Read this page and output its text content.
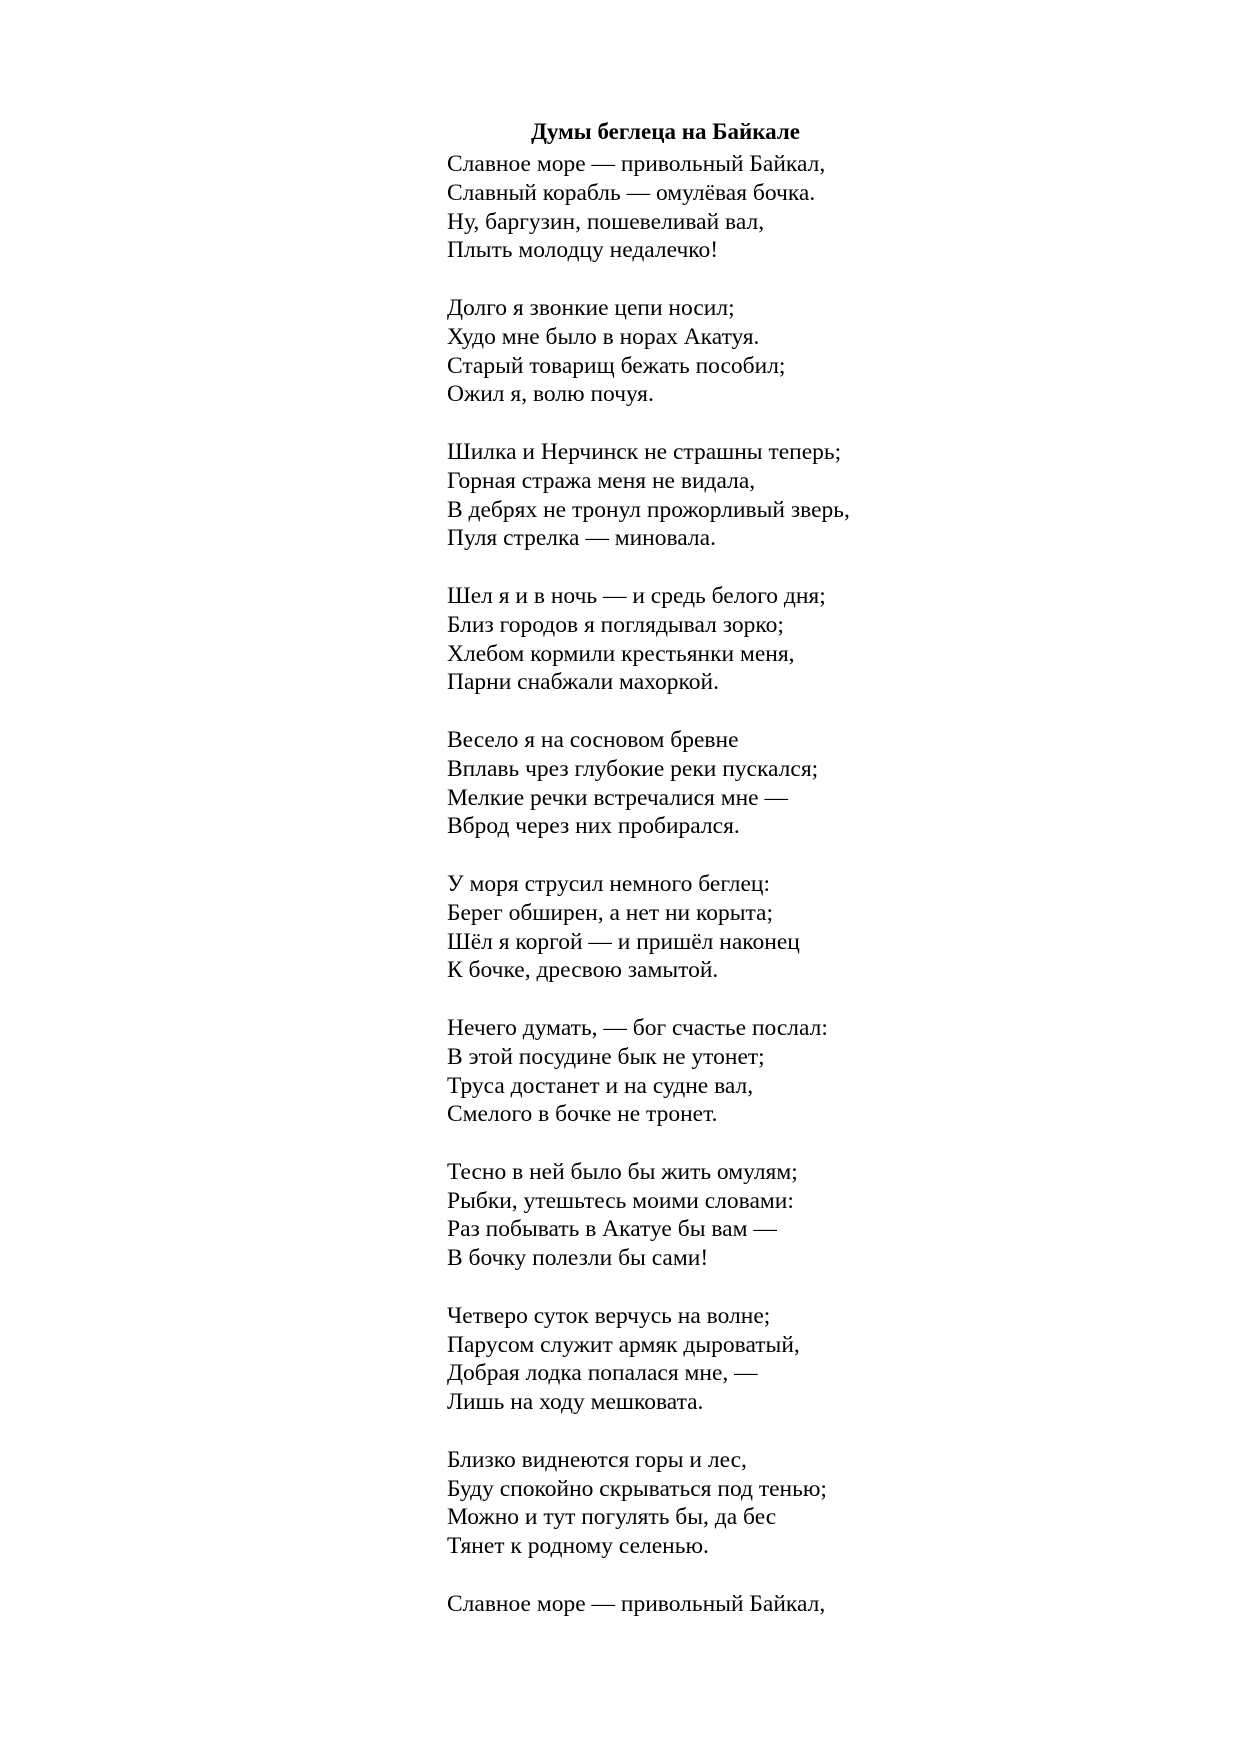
Думы беглеца на Байкале
Славное море — привольный Байкал,
Славный корабль — омулёвая бочка.
Ну, баргузин, пошевеливай вал,
Плыть молодцу недалечко!
Долго я звонкие цепи носил;
Худо мне было в норах Акатуя.
Старый товарищ бежать пособил;
Ожил я, волю почуя.
Шилка и Нерчинск не страшны теперь;
Горная стража меня не видала,
В дебрях не тронул прожорливый зверь,
Пуля стрелка — миновала.
Шел я и в ночь — и средь белого дня;
Близ городов я поглядывал зорко;
Хлебом кормили крестьянки меня,
Парни снабжали махоркой.
Весело я на сосновом бревне
Вплавь чрез глубокие реки пускался;
Мелкие речки встречалися мне —
Вброд через них пробирался.
У моря струсил немного беглец:
Берег обширен, а нет ни корыта;
Шёл я коргой — и пришёл наконец
К бочке, дресвою замытой.
Нечего думать, — бог счастье послал:
В этой посудине бык не утонет;
Труса достанет и на судне вал,
Смелого в бочке не тронет.
Тесно в ней было бы жить омулям;
Рыбки, утешьтесь моими словами:
Раз побывать в Акатуе бы вам —
В бочку полезли бы сами!
Четверо суток верчусь на волне;
Парусом служит армяк дыроватый,
Добрая лодка попалася мне, —
Лишь на ходу мешковата.
Близко виднеются горы и лес,
Буду спокойно скрываться под тенью;
Можно и тут погулять бы, да бес
Тянет к родному селенью.
Славное море — привольный Байкал,
